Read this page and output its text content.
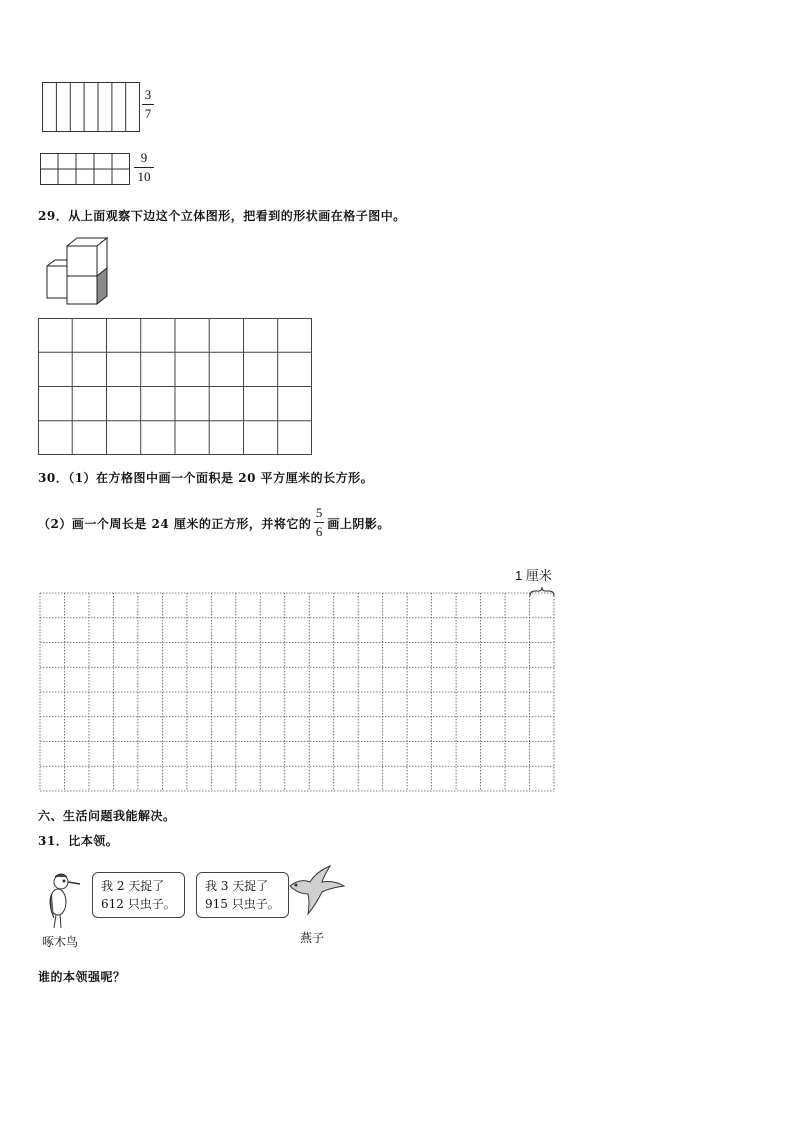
3
7
9
10
29．从上面观察下边这个立体图形，把看到的形状画在格子图中。
30．（1）在方格图中画一个面积是 20 平方厘米的长方形。
（2）画一个周长是 24 厘米的正方形，并将它的 $\frac{5}{6}$ 画上阴影。
1 厘米
六、生活问题我能解决。
31．比本领。
我 2 天捉了
612 只虫子。
啄木鸟
我 3 天捉了
915 只虫子。
燕子
谁的本领强呢？
